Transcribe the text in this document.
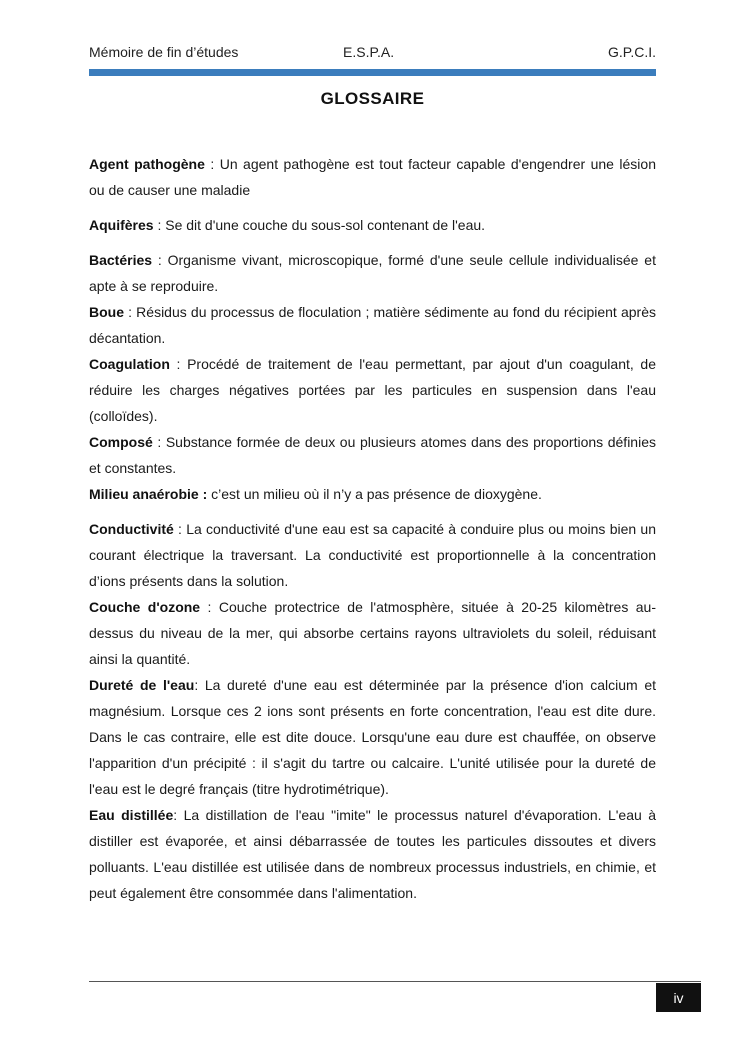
Mémoire de fin d’études	E.S.P.A.	G.P.C.I.
GLOSSAIRE

Agent pathogène : Un agent pathogène est tout facteur capable d'engendrer une lésion ou de causer une maladie

Aquifères : Se dit d'une couche du sous-sol contenant de l'eau.

Bactéries : Organisme vivant, microscopique, formé d'une seule cellule individualisée et apte à se reproduire.

Boue : Résidus du processus de floculation ; matière sédimente au fond du récipient après décantation.

Coagulation : Procédé de traitement de l'eau permettant, par ajout d'un coagulant, de réduire les charges négatives portées par les particules en suspension dans l'eau (colloïdes).

Composé : Substance formée de deux ou plusieurs atomes dans des proportions définies et constantes.

Milieu anaérobie : c’est un milieu où il n’y a pas présence de dioxygène.

Conductivité : La conductivité d'une eau est sa capacité à conduire plus ou moins bien un courant électrique la traversant. La conductivité est proportionnelle à la concentration d’ions présents dans la solution.

Couche d'ozone : Couche protectrice de l'atmosphère, située à 20-25 kilomètres au-dessus du niveau de la mer, qui absorbe certains rayons ultraviolets du soleil, réduisant ainsi la quantité.

Dureté de l'eau: La dureté d'une eau est déterminée par la présence d'ion calcium et magnésium. Lorsque ces 2 ions sont présents en forte concentration, l'eau est dite dure. Dans le cas contraire, elle est dite douce. Lorsqu'une eau dure est chauffée, on observe l'apparition d'un précipité : il s'agit du tartre ou calcaire. L'unité utilisée pour la dureté de l'eau est le degré français (titre hydrotimétrique).

Eau distillée: La distillation de l'eau "imite" le processus naturel d'évaporation. L'eau à distiller est évaporée, et ainsi débarrassée de toutes les particules dissoutes et divers polluants. L'eau distillée est utilisée dans de nombreux processus industriels, en chimie, et peut également être consommée dans l'alimentation.

iv
